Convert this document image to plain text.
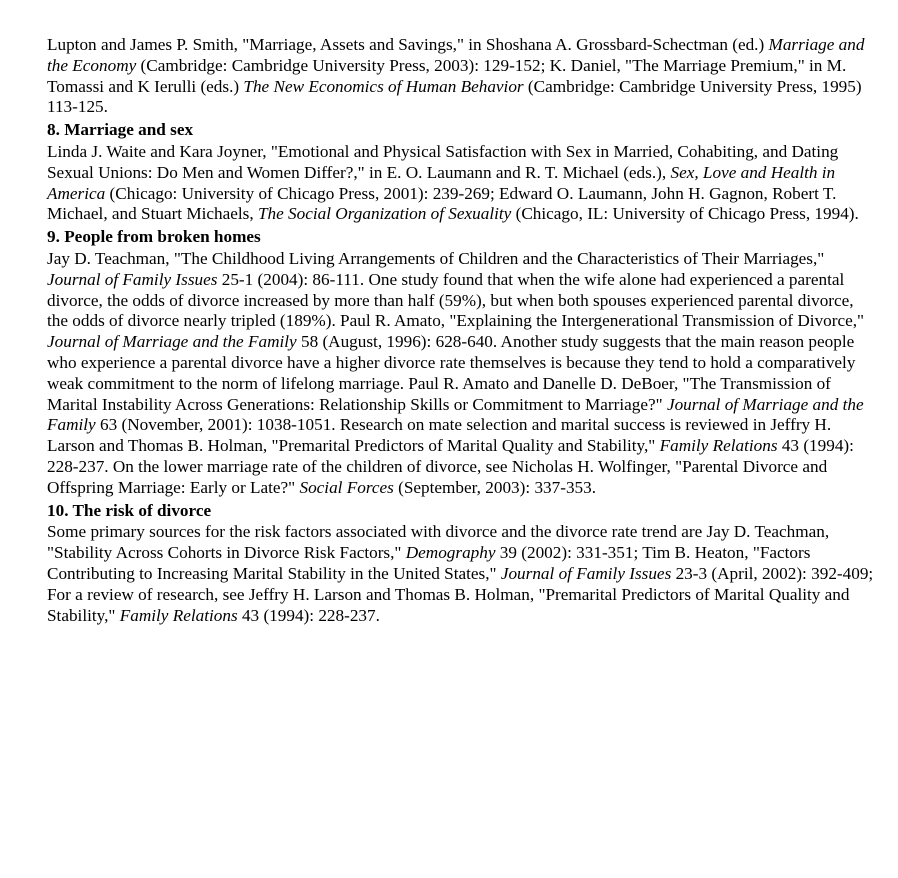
Lupton and James P. Smith, "Marriage, Assets and Savings," in Shoshana A. Grossbard-Schectman (ed.) Marriage and the Economy (Cambridge: Cambridge University Press, 2003): 129-152; K. Daniel, "The Marriage Premium," in M. Tomassi and K Ierulli (eds.) The New Economics of Human Behavior (Cambridge: Cambridge University Press, 1995) 113-125.

8. Marriage and sex

Linda J. Waite and Kara Joyner, "Emotional and Physical Satisfaction with Sex in Married, Cohabiting, and Dating Sexual Unions: Do Men and Women Differ?," in E. O. Laumann and R. T. Michael (eds.), Sex, Love and Health in America (Chicago: University of Chicago Press, 2001): 239-269; Edward O. Laumann, John H. Gagnon, Robert T. Michael, and Stuart Michaels, The Social Organization of Sexuality (Chicago, IL: University of Chicago Press, 1994).

9. People from broken homes

Jay D. Teachman, "The Childhood Living Arrangements of Children and the Characteristics of Their Marriages," Journal of Family Issues 25-1 (2004): 86-111. One study found that when the wife alone had experienced a parental divorce, the odds of divorce increased by more than half (59%), but when both spouses experienced parental divorce, the odds of divorce nearly tripled (189%). Paul R. Amato, "Explaining the Intergenerational Transmission of Divorce," Journal of Marriage and the Family 58 (August, 1996): 628-640. Another study suggests that the main reason people who experience a parental divorce have a higher divorce rate themselves is because they tend to hold a comparatively weak commitment to the norm of lifelong marriage. Paul R. Amato and Danelle D. DeBoer, "The Transmission of Marital Instability Across Generations: Relationship Skills or Commitment to Marriage?" Journal of Marriage and the Family 63 (November, 2001): 1038-1051. Research on mate selection and marital success is reviewed in Jeffry H. Larson and Thomas B. Holman, "Premarital Predictors of Marital Quality and Stability," Family Relations 43 (1994): 228-237. On the lower marriage rate of the children of divorce, see Nicholas H. Wolfinger, "Parental Divorce and Offspring Marriage: Early or Late?" Social Forces (September, 2003): 337-353.

10. The risk of divorce

Some primary sources for the risk factors associated with divorce and the divorce rate trend are Jay D. Teachman, "Stability Across Cohorts in Divorce Risk Factors," Demography 39 (2002): 331-351; Tim B. Heaton, "Factors Contributing to Increasing Marital Stability in the United States," Journal of Family Issues 23-3 (April, 2002): 392-409; For a review of research, see Jeffry H. Larson and Thomas B. Holman, "Premarital Predictors of Marital Quality and Stability," Family Relations 43 (1994): 228-237.
